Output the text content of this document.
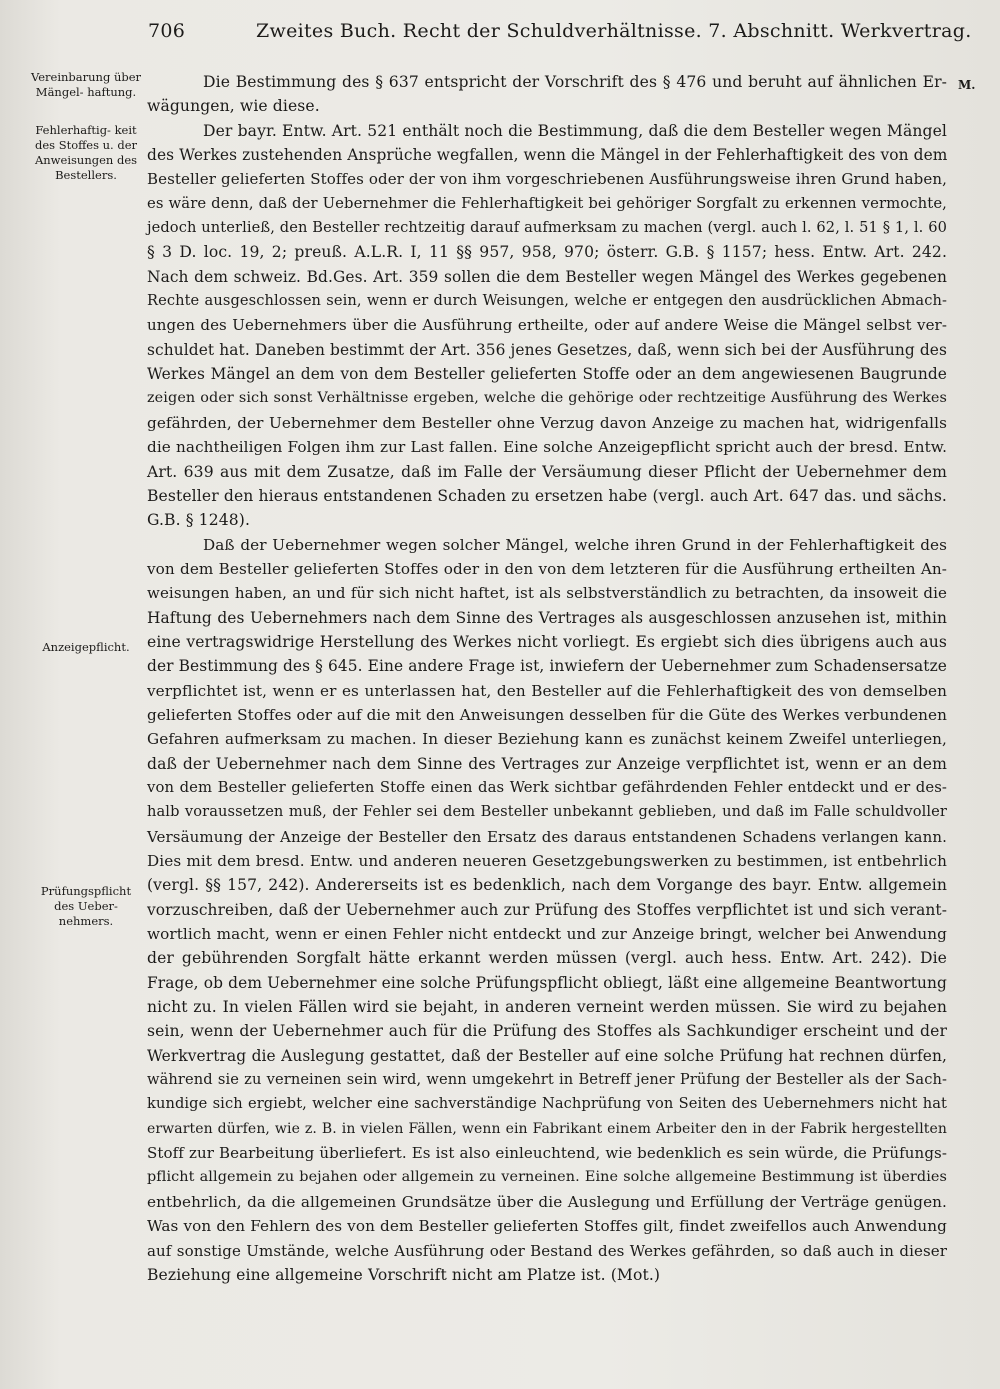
706	Zweites Buch. Recht der Schuldverhältnisse. 7. Abschnitt. Werkvertrag.
Vereinbarung über Mängel- haftung.
Fehlerhaftig- keit des Stoffes u. der Anweisungen des Bestellers.
Anzeigepflicht.
Prüfungspflicht des Ueber- nehmers.
M.
Die Bestimmung des § 637 entspricht der Vorschrift des § 476 und beruht auf ähnlichen Er-
wägungen, wie diese.
Der bayr. Entw. Art. 521 enthält noch die Bestimmung, daß die dem Besteller wegen Mängel
des Werkes zustehenden Ansprüche wegfallen, wenn die Mängel in der Fehlerhaftigkeit des von dem
Besteller gelieferten Stoffes oder der von ihm vorgeschriebenen Ausführungsweise ihren Grund haben,
es wäre denn, daß der Uebernehmer die Fehlerhaftigkeit bei gehöriger Sorgfalt zu erkennen vermochte,
jedoch unterließ, den Besteller rechtzeitig darauf aufmerksam zu machen (vergl. auch l. 62, l. 51 § 1, l. 60
§ 3 D. loc. 19, 2; preuß. A.L.R. I, 11 §§ 957, 958, 970; österr. G.B. § 1157; hess. Entw. Art. 242.
Nach dem schweiz. Bd.Ges. Art. 359 sollen die dem Besteller wegen Mängel des Werkes gegebenen
Rechte ausgeschlossen sein, wenn er durch Weisungen, welche er entgegen den ausdrücklichen Abmach-
ungen des Uebernehmers über die Ausführung ertheilte, oder auf andere Weise die Mängel selbst ver-
schuldet hat. Daneben bestimmt der Art. 356 jenes Gesetzes, daß, wenn sich bei der Ausführung des
Werkes Mängel an dem von dem Besteller gelieferten Stoffe oder an dem angewiesenen Baugrunde
zeigen oder sich sonst Verhältnisse ergeben, welche die gehörige oder rechtzeitige Ausführung des Werkes
gefährden, der Uebernehmer dem Besteller ohne Verzug davon Anzeige zu machen hat, widrigenfalls
die nachtheiligen Folgen ihm zur Last fallen. Eine solche Anzeigepflicht spricht auch der bresd. Entw.
Art. 639 aus mit dem Zusatze, daß im Falle der Versäumung dieser Pflicht der Uebernehmer dem
Besteller den hieraus entstandenen Schaden zu ersetzen habe (vergl. auch Art. 647 das. und sächs.
G.B. § 1248).
Daß der Uebernehmer wegen solcher Mängel, welche ihren Grund in der Fehlerhaftigkeit des
von dem Besteller gelieferten Stoffes oder in den von dem letzteren für die Ausführung ertheilten An-
weisungen haben, an und für sich nicht haftet, ist als selbstverständlich zu betrachten, da insoweit die
Haftung des Uebernehmers nach dem Sinne des Vertrages als ausgeschlossen anzusehen ist, mithin
eine vertragswidrige Herstellung des Werkes nicht vorliegt. Es ergiebt sich dies übrigens auch aus
der Bestimmung des § 645. Eine andere Frage ist, inwiefern der Uebernehmer zum Schadensersatze
verpflichtet ist, wenn er es unterlassen hat, den Besteller auf die Fehlerhaftigkeit des von demselben
gelieferten Stoffes oder auf die mit den Anweisungen desselben für die Güte des Werkes verbundenen
Gefahren aufmerksam zu machen. In dieser Beziehung kann es zunächst keinem Zweifel unterliegen,
daß der Uebernehmer nach dem Sinne des Vertrages zur Anzeige verpflichtet ist, wenn er an dem
von dem Besteller gelieferten Stoffe einen das Werk sichtbar gefährdenden Fehler entdeckt und er des-
halb voraussetzen muß, der Fehler sei dem Besteller unbekannt geblieben, und daß im Falle schuldvoller
Versäumung der Anzeige der Besteller den Ersatz des daraus entstandenen Schadens verlangen kann.
Dies mit dem bresd. Entw. und anderen neueren Gesetzgebungswerken zu bestimmen, ist entbehrlich
(vergl. §§ 157, 242). Andererseits ist es bedenklich, nach dem Vorgange des bayr. Entw. allgemein
vorzuschreiben, daß der Uebernehmer auch zur Prüfung des Stoffes verpflichtet ist und sich verant-
wortlich macht, wenn er einen Fehler nicht entdeckt und zur Anzeige bringt, welcher bei Anwendung
der gebührenden Sorgfalt hätte erkannt werden müssen (vergl. auch hess. Entw. Art. 242). Die
Frage, ob dem Uebernehmer eine solche Prüfungspflicht obliegt, läßt eine allgemeine Beantwortung
nicht zu. In vielen Fällen wird sie bejaht, in anderen verneint werden müssen. Sie wird zu bejahen
sein, wenn der Uebernehmer auch für die Prüfung des Stoffes als Sachkundiger erscheint und der
Werkvertrag die Auslegung gestattet, daß der Besteller auf eine solche Prüfung hat rechnen dürfen,
während sie zu verneinen sein wird, wenn umgekehrt in Betreff jener Prüfung der Besteller als der Sach-
kundige sich ergiebt, welcher eine sachverständige Nachprüfung von Seiten des Uebernehmers nicht hat
erwarten dürfen, wie z. B. in vielen Fällen, wenn ein Fabrikant einem Arbeiter den in der Fabrik hergestellten
Stoff zur Bearbeitung überliefert. Es ist also einleuchtend, wie bedenklich es sein würde, die Prüfungs-
pflicht allgemein zu bejahen oder allgemein zu verneinen. Eine solche allgemeine Bestimmung ist überdies
entbehrlich, da die allgemeinen Grundsätze über die Auslegung und Erfüllung der Verträge genügen.
Was von den Fehlern des von dem Besteller gelieferten Stoffes gilt, findet zweifellos auch Anwendung
auf sonstige Umstände, welche Ausführung oder Bestand des Werkes gefährden, so daß auch in dieser
Beziehung eine allgemeine Vorschrift nicht am Platze ist. (Mot.)
